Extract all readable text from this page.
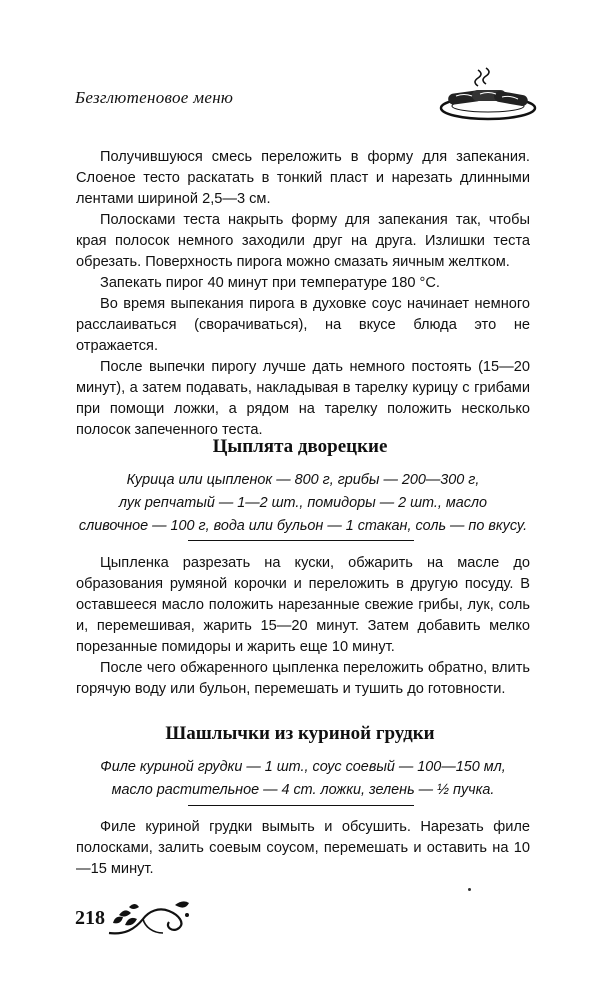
Безглютеновое меню

Получившуюся смесь переложить в форму для запекания. Слоеное тесто раскатать в тонкий пласт и нарезать длинными лентами шириной 2,5—3 см.

Полосками теста накрыть форму для запекания так, чтобы края полосок немного заходили друг на друга. Излишки теста обрезать. Поверхность пирога можно смазать яичным желтком.

Запекать пирог 40 минут при температуре 180 °С.

Во время выпекания пирога в духовке соус начинает немного расслаиваться (сворачиваться), на вкусе блюда это не отражается.

После выпечки пирогу лучше дать немного постоять (15—20 минут), а затем подавать, накладывая в тарелку курицу с грибами при помощи ложки, а рядом на тарелку положить несколько полосок запеченного теста.

Цыплята дворецкие
Курица или цыпленок — 800 г, грибы — 200—300 г,
лук репчатый — 1—2 шт., помидоры — 2 шт., масло
сливочное — 100 г, вода или бульон — 1 стакан, соль — по вкусу.

Цыпленка разрезать на куски, обжарить на масле до образования румяной корочки и переложить в другую посуду. В оставшееся масло положить нарезанные свежие грибы, лук, соль и, перемешивая, жарить 15—20 минут. Затем добавить мелко порезанные помидоры и жарить еще 10 минут.

После чего обжаренного цыпленка переложить обратно, влить горячую воду или бульон, перемешать и тушить до готовности.

Шашлычки из куриной грудки
Филе куриной грудки — 1 шт., соус соевый — 100—150 мл,
масло растительное — 4 ст. ложки, зелень — ½ пучка.

Филе куриной грудки вымыть и обсушить. Нарезать филе полосками, залить соевым соусом, перемешать и оставить на 10—15 минут.

218
